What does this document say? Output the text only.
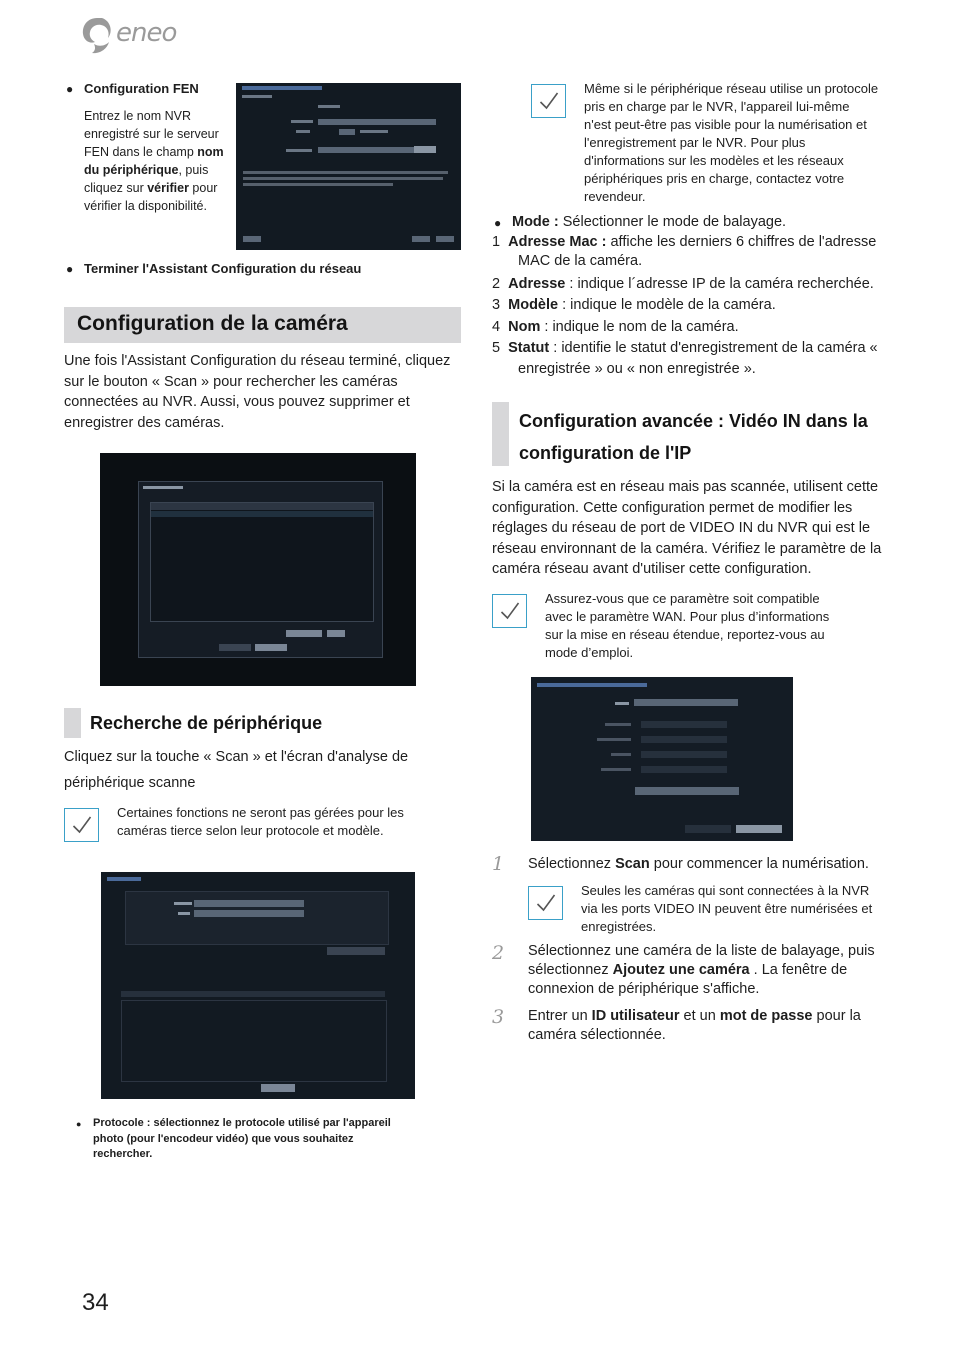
eneo
● Configuration FEN
Entrez le nom NVR enregistré sur le serveur FEN dans le champ nom du périphérique, puis cliquez sur vérifier pour vérifier la disponibilité.
● Terminer l'Assistant Configuration du réseau
Configuration de la caméra
Une fois l'Assistant Configuration du réseau terminé, cliquez sur le bouton « Scan » pour rechercher les caméras connectées au NVR. Aussi, vous pouvez supprimer et enregistrer des caméras.
Recherche de périphérique
Cliquez sur la touche « Scan » et l'écran d'analyse de périphérique scanne
Certaines fonctions ne seront pas gérées pour les caméras tierce selon leur protocole et modèle.
● Protocole : sélectionnez le protocole utilisé par l'appareil photo (pour l'encodeur vidéo) que vous souhaitez rechercher.
Même si le périphérique réseau utilise un protocole pris en charge par le NVR, l'appareil lui-même n'est peut-être pas visible pour la numérisation et l'enregistrement par le NVR. Pour plus d'informations sur les modèles et les réseaux périphériques pris en charge, contactez votre revendeur.
● Mode : Sélectionner le mode de balayage.
1 Adresse Mac : affiche les derniers 6 chiffres de l'adresse
MAC de la caméra.
2 Adresse : indique l´adresse IP de la caméra recherchée.
3 Modèle : indique le modèle de la caméra.
4 Nom : indique le nom de la caméra.
5 Statut : identifie le statut d'enregistrement de la caméra «
enregistrée » ou « non enregistrée ».
Configuration avancée : Vidéo IN dans la
configuration de l'IP
Si la caméra est en réseau mais pas scannée, utilisent cette configuration. Cette configuration permet de modifier les réglages du réseau de port de VIDEO IN du NVR qui est le réseau environnant de la caméra. Vérifiez le paramètre de la caméra réseau avant d'utiliser cette configuration.
Assurez-vous que ce paramètre soit compatible avec le paramètre WAN. Pour plus d’informations sur la mise en réseau étendue, reportez-vous au mode d’emploi.
1 Sélectionnez Scan pour commencer la numérisation.
Seules les caméras qui sont connectées à la NVR via les ports VIDEO IN peuvent être numérisées et enregistrées.
2 Sélectionnez une caméra de la liste de balayage, puis sélectionnez Ajoutez une caméra . La fenêtre de connexion de périphérique s'affiche.
3 Entrer un ID utilisateur et un mot de passe pour la caméra sélectionnée.
34
